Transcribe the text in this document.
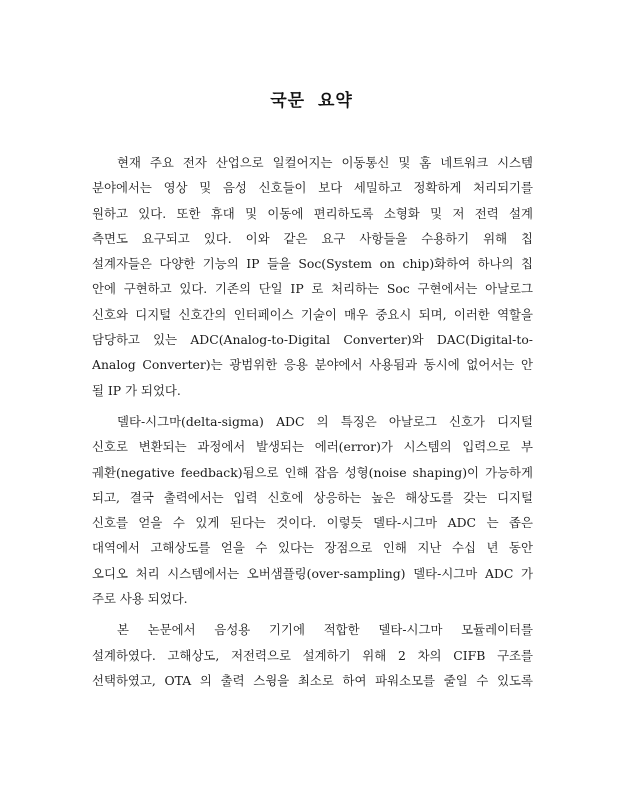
국문 요약
현재 주요 전자 산업으로 일컬어지는 이동통신 및 홈 네트워크 시스템
분야에서는 영상 및 음성 신호들이 보다 세밀하고 정확하게 처리되기를
원하고 있다. 또한 휴대 및 이동에 편리하도록 소형화 및 저 전력 설계
측면도 요구되고 있다. 이와 같은 요구 사항들을 수용하기 위해 칩
설계자들은 다양한 기능의 IP 들을 Soc(System on chip)화하여 하나의 칩
안에 구현하고 있다. 기존의 단일 IP 로 처리하는 Soc 구현에서는 아날로그
신호와 디지털 신호간의 인터페이스 기술이 매우 중요시 되며, 이러한 역할을
담당하고 있는 ADC(Analog-to-Digital Converter)와 DAC(Digital-to-
Analog Converter)는 광범위한 응용 분야에서 사용됨과 동시에 없어서는 안
될 IP 가 되었다.
델타-시그마(delta-sigma) ADC 의 특징은 아날로그 신호가 디지털
신호로 변환되는 과정에서 발생되는 에러(error)가 시스템의 입력으로 부
궤환(negative feedback)됨으로 인해 잡음 성형(noise shaping)이 가능하게
되고, 결국 출력에서는 입력 신호에 상응하는 높은 해상도를 갖는 디지털
신호를 얻을 수 있게 된다는 것이다. 이렇듯 델타-시그마 ADC 는 좁은
대역에서 고해상도를 얻을 수 있다는 장점으로 인해 지난 수십 년 동안
오디오 처리 시스템에서는 오버샘플링(over-sampling) 델타-시그마 ADC 가
주로 사용 되었다.
본 논문에서 음성용 기기에 적합한 델타-시그마 모듈레이터를
설계하였다. 고해상도, 저전력으로 설계하기 위해 2 차의 CIFB 구조를
선택하였고, OTA 의 출력 스윙을 최소로 하여 파워소모를 줄일 수 있도록
